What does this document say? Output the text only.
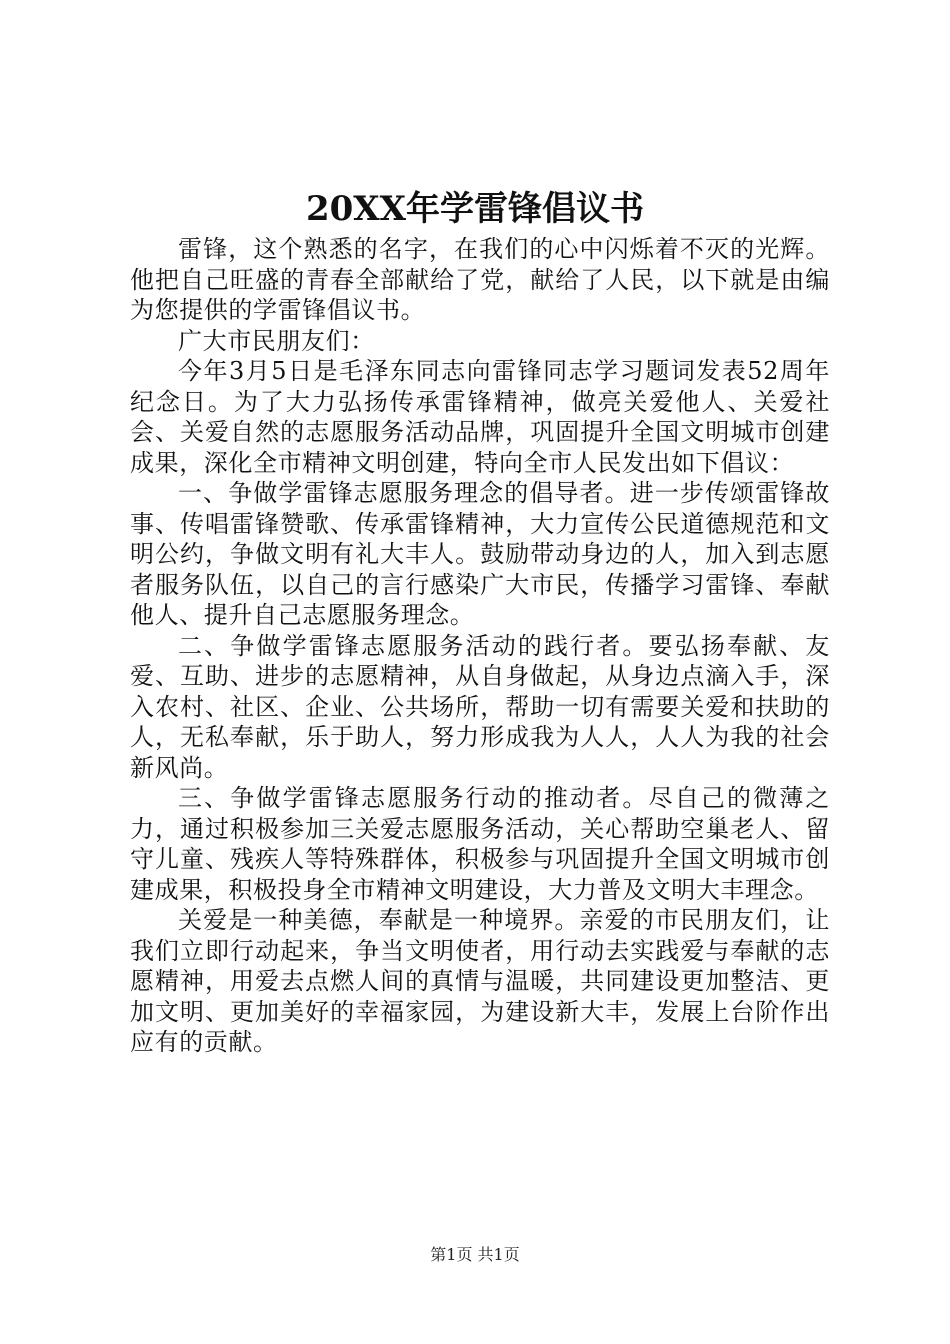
20XX年学雷锋倡议书

雷锋，这个熟悉的名字，在我们的心中闪烁着不灭的光辉。他把自己旺盛的青春全部献给了党，献给了人民，以下就是由编为您提供的学雷锋倡议书。

广大市民朋友们：

今年3月5日是毛泽东同志向雷锋同志学习题词发表52周年纪念日。为了大力弘扬传承雷锋精神，做亮关爱他人、关爱社会、关爱自然的志愿服务活动品牌，巩固提升全国文明城市创建成果，深化全市精神文明创建，特向全市人民发出如下倡议：

一、争做学雷锋志愿服务理念的倡导者。进一步传颂雷锋故事、传唱雷锋赞歌、传承雷锋精神，大力宣传公民道德规范和文明公约，争做文明有礼大丰人。鼓励带动身边的人，加入到志愿者服务队伍，以自己的言行感染广大市民，传播学习雷锋、奉献他人、提升自己志愿服务理念。

二、争做学雷锋志愿服务活动的践行者。要弘扬奉献、友爱、互助、进步的志愿精神，从自身做起，从身边点滴入手，深入农村、社区、企业、公共场所，帮助一切有需要关爱和扶助的人，无私奉献，乐于助人，努力形成我为人人，人人为我的社会新风尚。

三、争做学雷锋志愿服务行动的推动者。尽自己的微薄之力，通过积极参加三关爱志愿服务活动，关心帮助空巢老人、留守儿童、残疾人等特殊群体，积极参与巩固提升全国文明城市创建成果，积极投身全市精神文明建设，大力普及文明大丰理念。

关爱是一种美德，奉献是一种境界。亲爱的市民朋友们，让我们立即行动起来，争当文明使者，用行动去实践爱与奉献的志愿精神，用爱去点燃人间的真情与温暖，共同建设更加整洁、更加文明、更加美好的幸福家园，为建设新大丰，发展上台阶作出应有的贡献。

第1页 共1页
